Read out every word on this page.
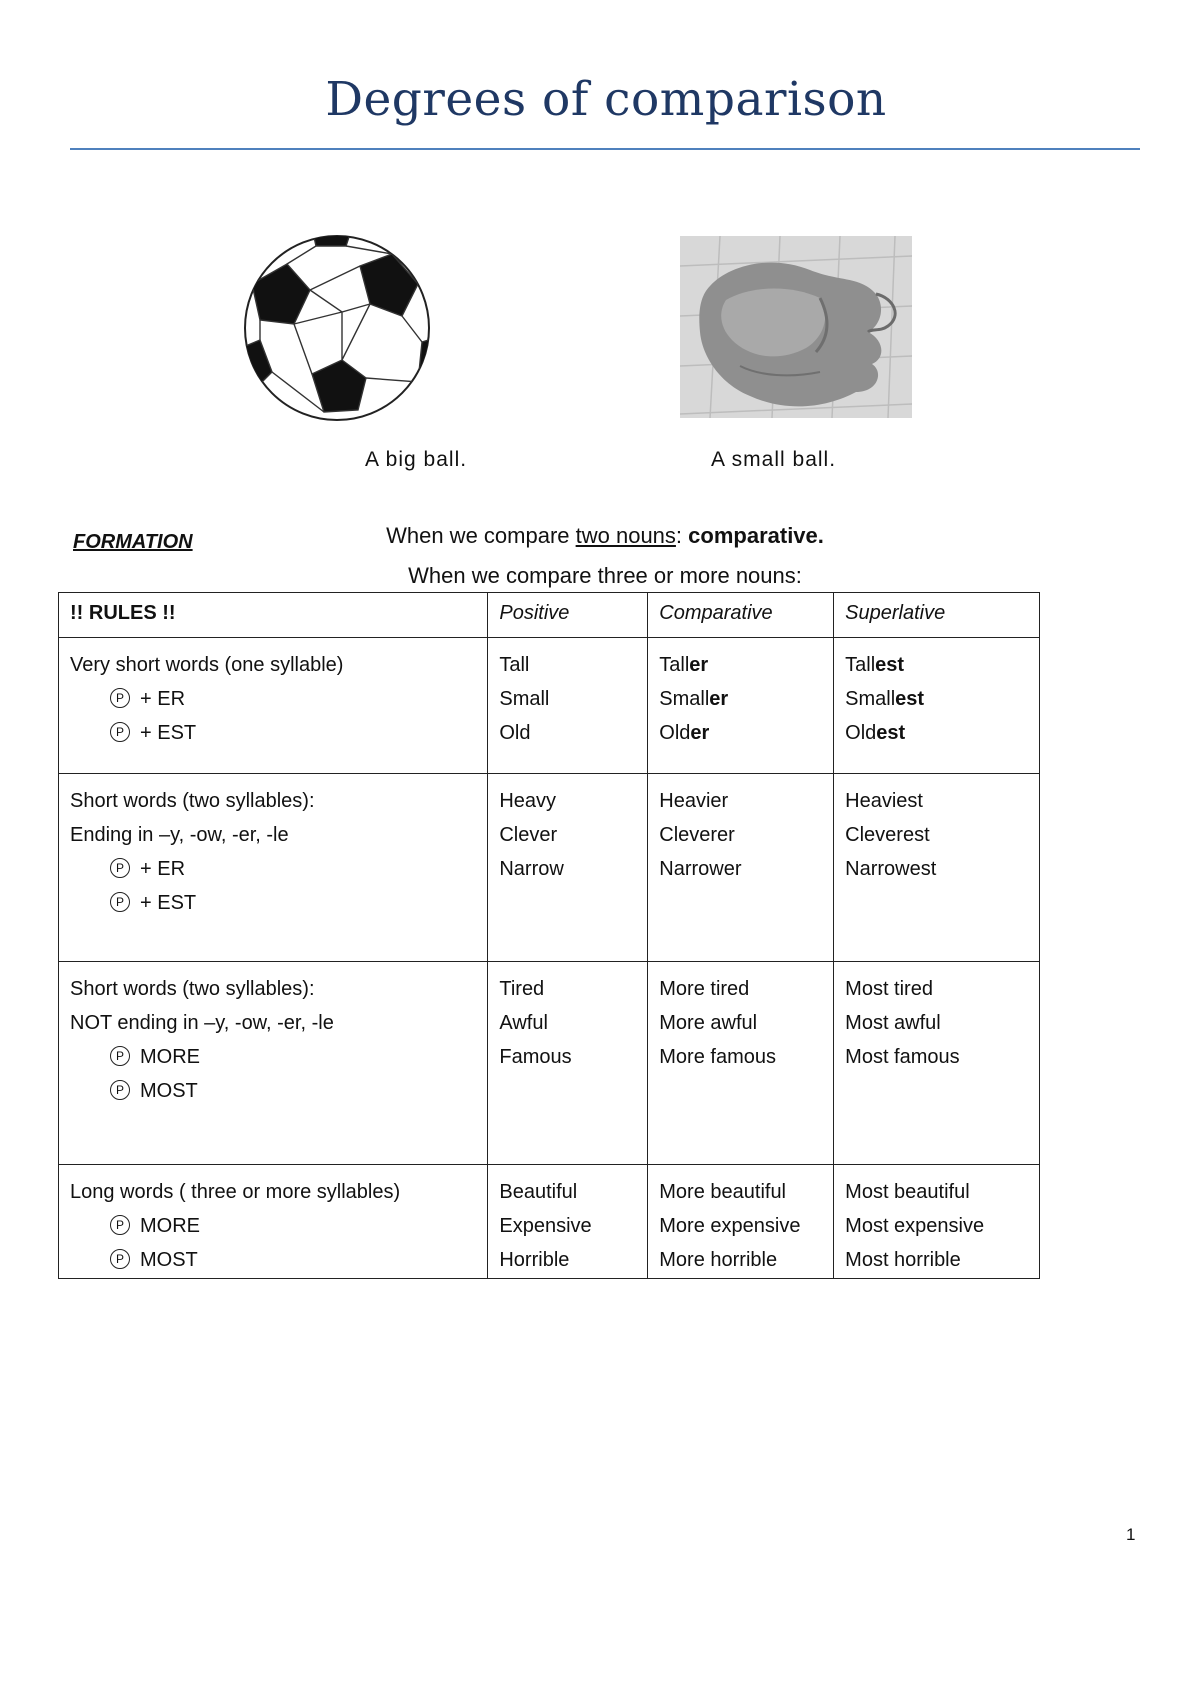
Degrees of comparison
A big ball.	A small ball.
FORMATION	When we compare two nouns: comparative.
When we compare three or more nouns:
!! RULES !!	Positive	Comparative	Superlative

Very short words (one syllable)
P + ER
P + EST	Tall
Small
Old	Taller
Smaller
Older	Tallest
Smallest
Oldest

Short words (two syllables):
Ending in –y, -ow, -er, -le
P + ER
P + EST	Heavy
Clever
Narrow	Heavier
Cleverer
Narrower	Heaviest
Cleverest
Narrowest

Short words (two syllables):
NOT ending in –y, -ow, -er, -le
P MORE
P MOST	Tired
Awful
Famous	More tired
More awful
More famous	Most tired
Most awful
Most famous

Long words ( three or more syllables)
P MORE
P MOST	Beautiful
Expensive
Horrible	More beautiful
More expensive
More horrible	Most beautiful
Most expensive
Most horrible
1
